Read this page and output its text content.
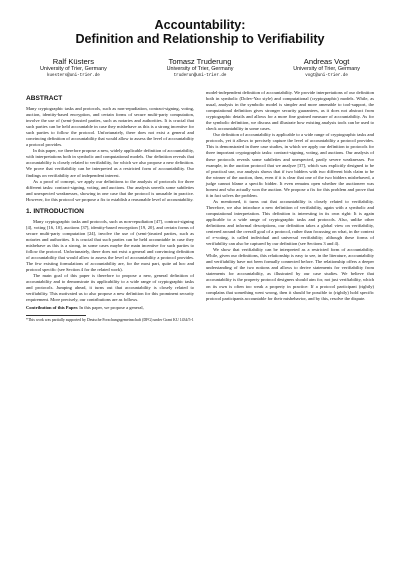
Accountability:
Definition and Relationship to Verifiability
Ralf Küsters
University of Trier, Germany
kuesters@uni-trier.de
Tomasz Truderung
University of Trier, Germany
truderun@uni-trier.de
Andreas Vogt
University of Trier, Germany
vogt@uni-trier.de
ABSTRACT

Many cryptographic tasks and protocols, such as non-repudiation, contract-signing, voting, auction, identity-based encryption, and certain forms of secure multi-party computation, involve the use of (semi-)trusted parties, such as notaries and authorities. It is crucial that such parties can be held accountable in case they misbehave as this is a strong incentive for such parties to follow the protocol. Unfortunately, there does not exist a general and convincing definition of accountability that would allow to assess the level of accountability a protocol provides.

In this paper, we therefore propose a new, widely applicable definition of accountability, with interpretations both in symbolic and computational models. Our definition reveals that accountability is closely related to verifiability, for which we also propose a new definition. We prove that verifiability can be interpreted as a restricted form of accountability. Our findings on verifiability are of independent interest.

As a proof of concept, we apply our definitions to the analysis of protocols for three different tasks: contract-signing, voting, and auctions. Our analysis unveils some subtleties and unexpected weaknesses, showing in one case that the protocol is unusable in practice. However, for this protocol we propose a fix to establish a reasonable level of accountability.

1. INTRODUCTION

Many cryptographic tasks and protocols, such as non-repudiation [47], contract-signing [4], voting [16, 10], auctions [37], identity-based encryption [19, 20], and certain forms of secure multi-party computation [24], involve the use of (semi-)trusted parties, such as notaries and authorities. It is crucial that such parties can be held accountable in case they misbehave as this is a strong, in some cases maybe the main incentive for such parties to follow the protocol. Unfortunately, there does not exist a general and convincing definition of accountability that would allow to assess the level of accountability a protocol provides. The few existing formulations of accountability are, for the most part, quite ad hoc and protocol specific (see Section 4 for the related work).

The main goal of this paper is therefore to propose a new, general definition of accountability and to demonstrate its applicability to a wide range of cryptographic tasks and protocols. Jumping ahead, it turns out that accountability is closely related to verifiability. This motivated us to also propose a new definition for this prominent security requirement. More precisely, our contributions are as follows.

Contribution of this Paper. In this paper, we propose a general,

*This work was partially supported by Deutsche Forschungsgemeinschaft (DFG) under Grant KU 1434/5-1

model-independent definition of accountability. We provide interpretations of our definition both in symbolic (Dolev-Yao style) and computational (cryptographic) models. While, as usual, analysis in the symbolic model is simpler and more amenable to tool-support, the computational definition gives stronger security guarantees, as it does not abstract from cryptographic details and allows for a more fine grained measure of accountability. As for the symbolic definition, we discuss and illustrate how existing analysis tools can be used to check accountability in some cases.

Our definition of accountability is applicable to a wide range of cryptographic tasks and protocols, yet it allows to precisely capture the level of accountability a protocol provides. This is demonstrated in three case studies, in which we apply our definition to protocols for three important cryptographic tasks: contract-signing, voting, and auctions. Our analysis of these protocols reveals some subtleties and unexpected, partly severe weaknesses. For example, in the auction protocol that we analyze [37], which was explicitly designed to be of practical use, our analysis shows that if two bidders with two different bids claim to be the winner of the auction, then, even if it is clear that one of the two bidders misbehaved, a judge cannot blame a specific bidder. It even remains open whether the auctioneer was honest and who actually won the auction. We propose a fix for this problem and prove that it in fact solves the problem.

As mentioned, it turns out that accountability is closely related to verifiability. Therefore, we also introduce a new definition of verifiability, again with a symbolic and computational interpretation. This definition is interesting in its own right: It is again applicable to a wide range of cryptographic tasks and protocols. Also, unlike other definitions and informal descriptions, our definition takes a global view on verifiability, centered around the overall goal of a protocol, rather than focussing on what, in the context of e-voting, is called individual and universal verifiability; although these forms of verifiability can also be captured by our definition (see Sections 3 and 4).

We show that verifiability can be interpreted as a restricted form of accountability. While, given our definitions, this relationship is easy to see, in the literature, accountability and verifiability have not been formally connected before. The relationship offers a deeper understanding of the two notions and allows to derive statements for verifiability from statements for accountability, as illustrated by our case studies. We believe that accountability is the property protocol designers should aim for, not just verifiability, which on its own is often too weak a property in practice: If a protocol participant (rightly) complains that something went wrong, then it should be possible to (rightly) hold specific protocol participants accountable for their misbehavior, and by this, resolve the dispute.
